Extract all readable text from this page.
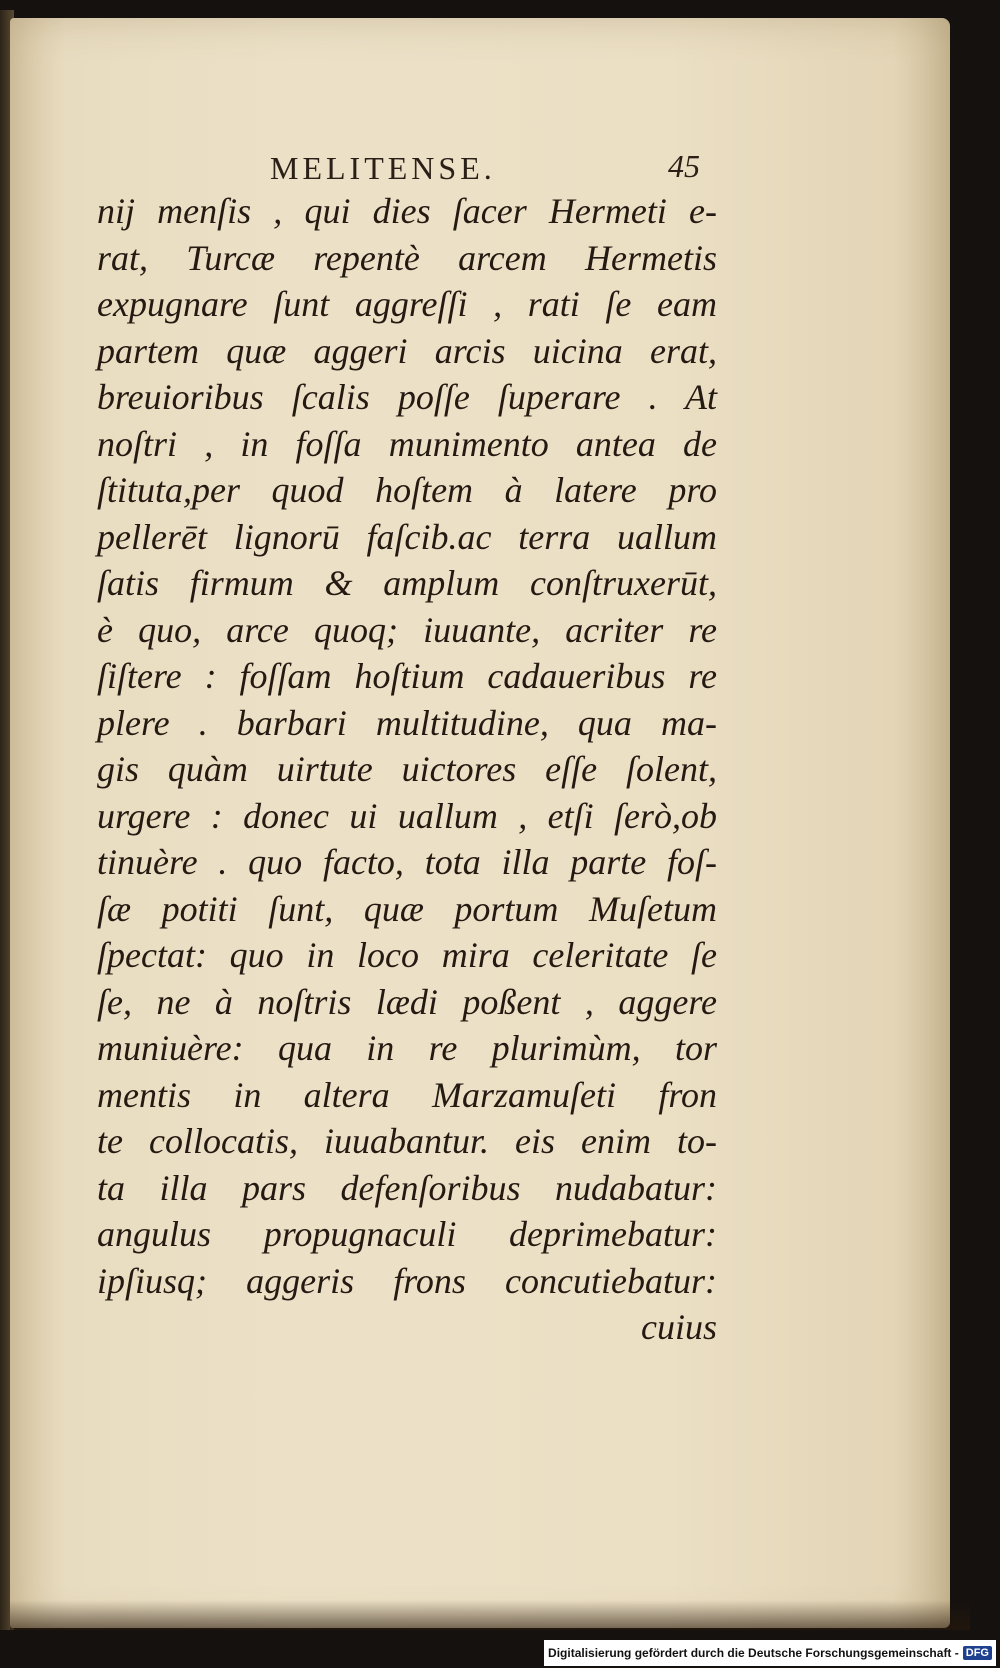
MELITENSE.	45
nij menſis , qui dies ſacer Hermeti e-
rat, Turcæ repentè arcem Hermetis
expugnare ſunt aggreſſi , rati ſe eam
partem quæ aggeri arcis uicina erat,
breuioribus ſcalis poſſe ſuperare . At
noſtri , in foſſa munimento antea de
ſtituta,per quod hoſtem à latere pro
pellerēt lignorū faſcib.ac terra uallum
ſatis firmum & amplum conſtruxerūt,
è quo, arce quoq; iuuante, acriter re
ſiſtere : foſſam hoſtium cadaueribus re
plere . barbari multitudine, qua ma-
gis quàm uirtute uictores eſſe ſolent,
urgere : donec ui uallum , etſi ſerò,ob
tinuère . quo facto, tota illa parte foſ-
ſæ potiti ſunt, quæ portum Muſetum
ſpectat: quo in loco mira celeritate ſe
ſe, ne à noſtris lædi poßent , aggere
muniuère: qua in re plurimùm, tor
mentis in altera Marzamuſeti fron
te collocatis, iuuabantur. eis enim to-
ta illa pars defenſoribus nudabatur:
angulus propugnaculi deprimebatur:
ipſiusq; aggeris frons concutiebatur:
cuius
Digitalisierung gefördert durch die Deutsche Forschungsgemeinschaft - DFG
